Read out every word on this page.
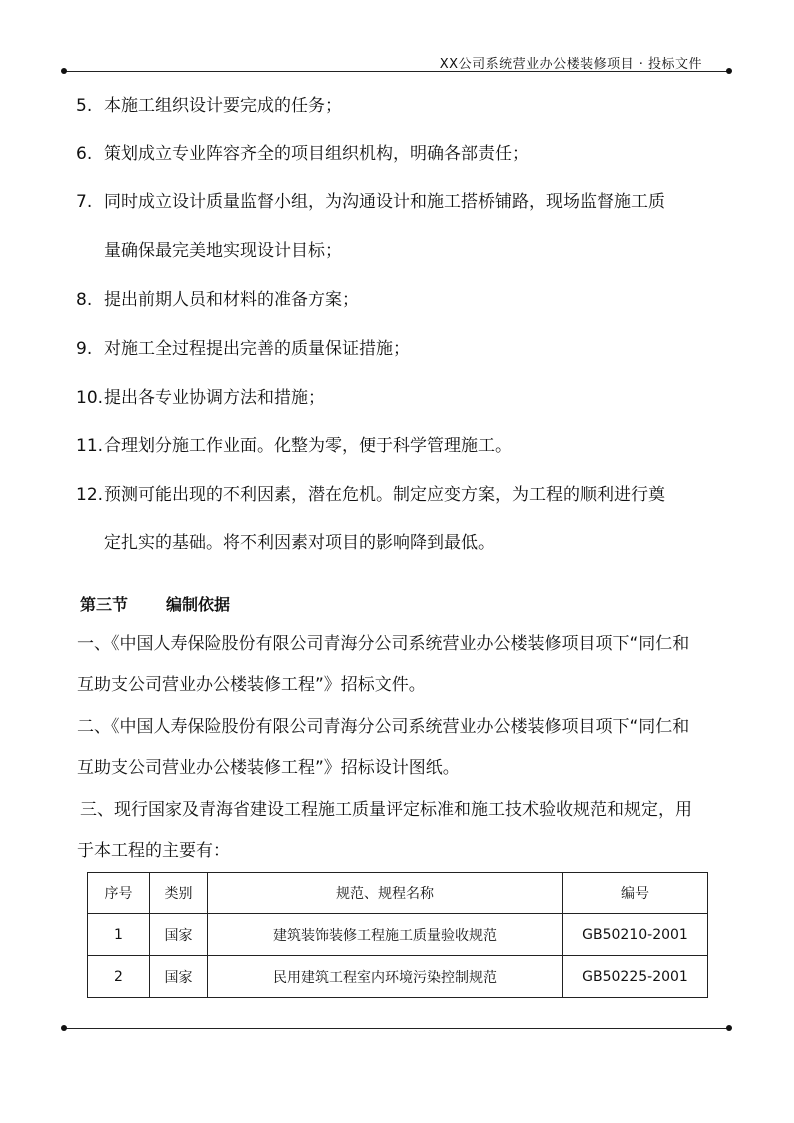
XX公司系统营业办公楼装修项目 · 投标文件
5. 本施工组织设计要完成的任务；
6. 策划成立专业阵容齐全的项目组织机构，明确各部责任；
7. 同时成立设计质量监督小组，为沟通设计和施工搭桥铺路，现场监督施工质
量确保最完美地实现设计目标；
8. 提出前期人员和材料的准备方案；
9. 对施工全过程提出完善的质量保证措施；
10.提出各专业协调方法和措施；
11.合理划分施工作业面。化整为零，便于科学管理施工。
12.预测可能出现的不利因素，潜在危机。制定应变方案，为工程的顺利进行奠
定扎实的基础。将不利因素对项目的影响降到最低。
第三节 编制依据
一、《中国人寿保险股份有限公司青海分公司系统营业办公楼装修项目项下“同仁和
互助支公司营业办公楼装修工程”》招标文件。
二、《中国人寿保险股份有限公司青海分公司系统营业办公楼装修项目项下“同仁和
互助支公司营业办公楼装修工程”》招标设计图纸。
三、现行国家及青海省建设工程施工质量评定标准和施工技术验收规范和规定，用
于本工程的主要有：
序号	类别	规范、规程名称	编号
1	国家	建筑装饰装修工程施工质量验收规范	GB50210-2001
2	国家	民用建筑工程室内环境污染控制规范	GB50225-2001
